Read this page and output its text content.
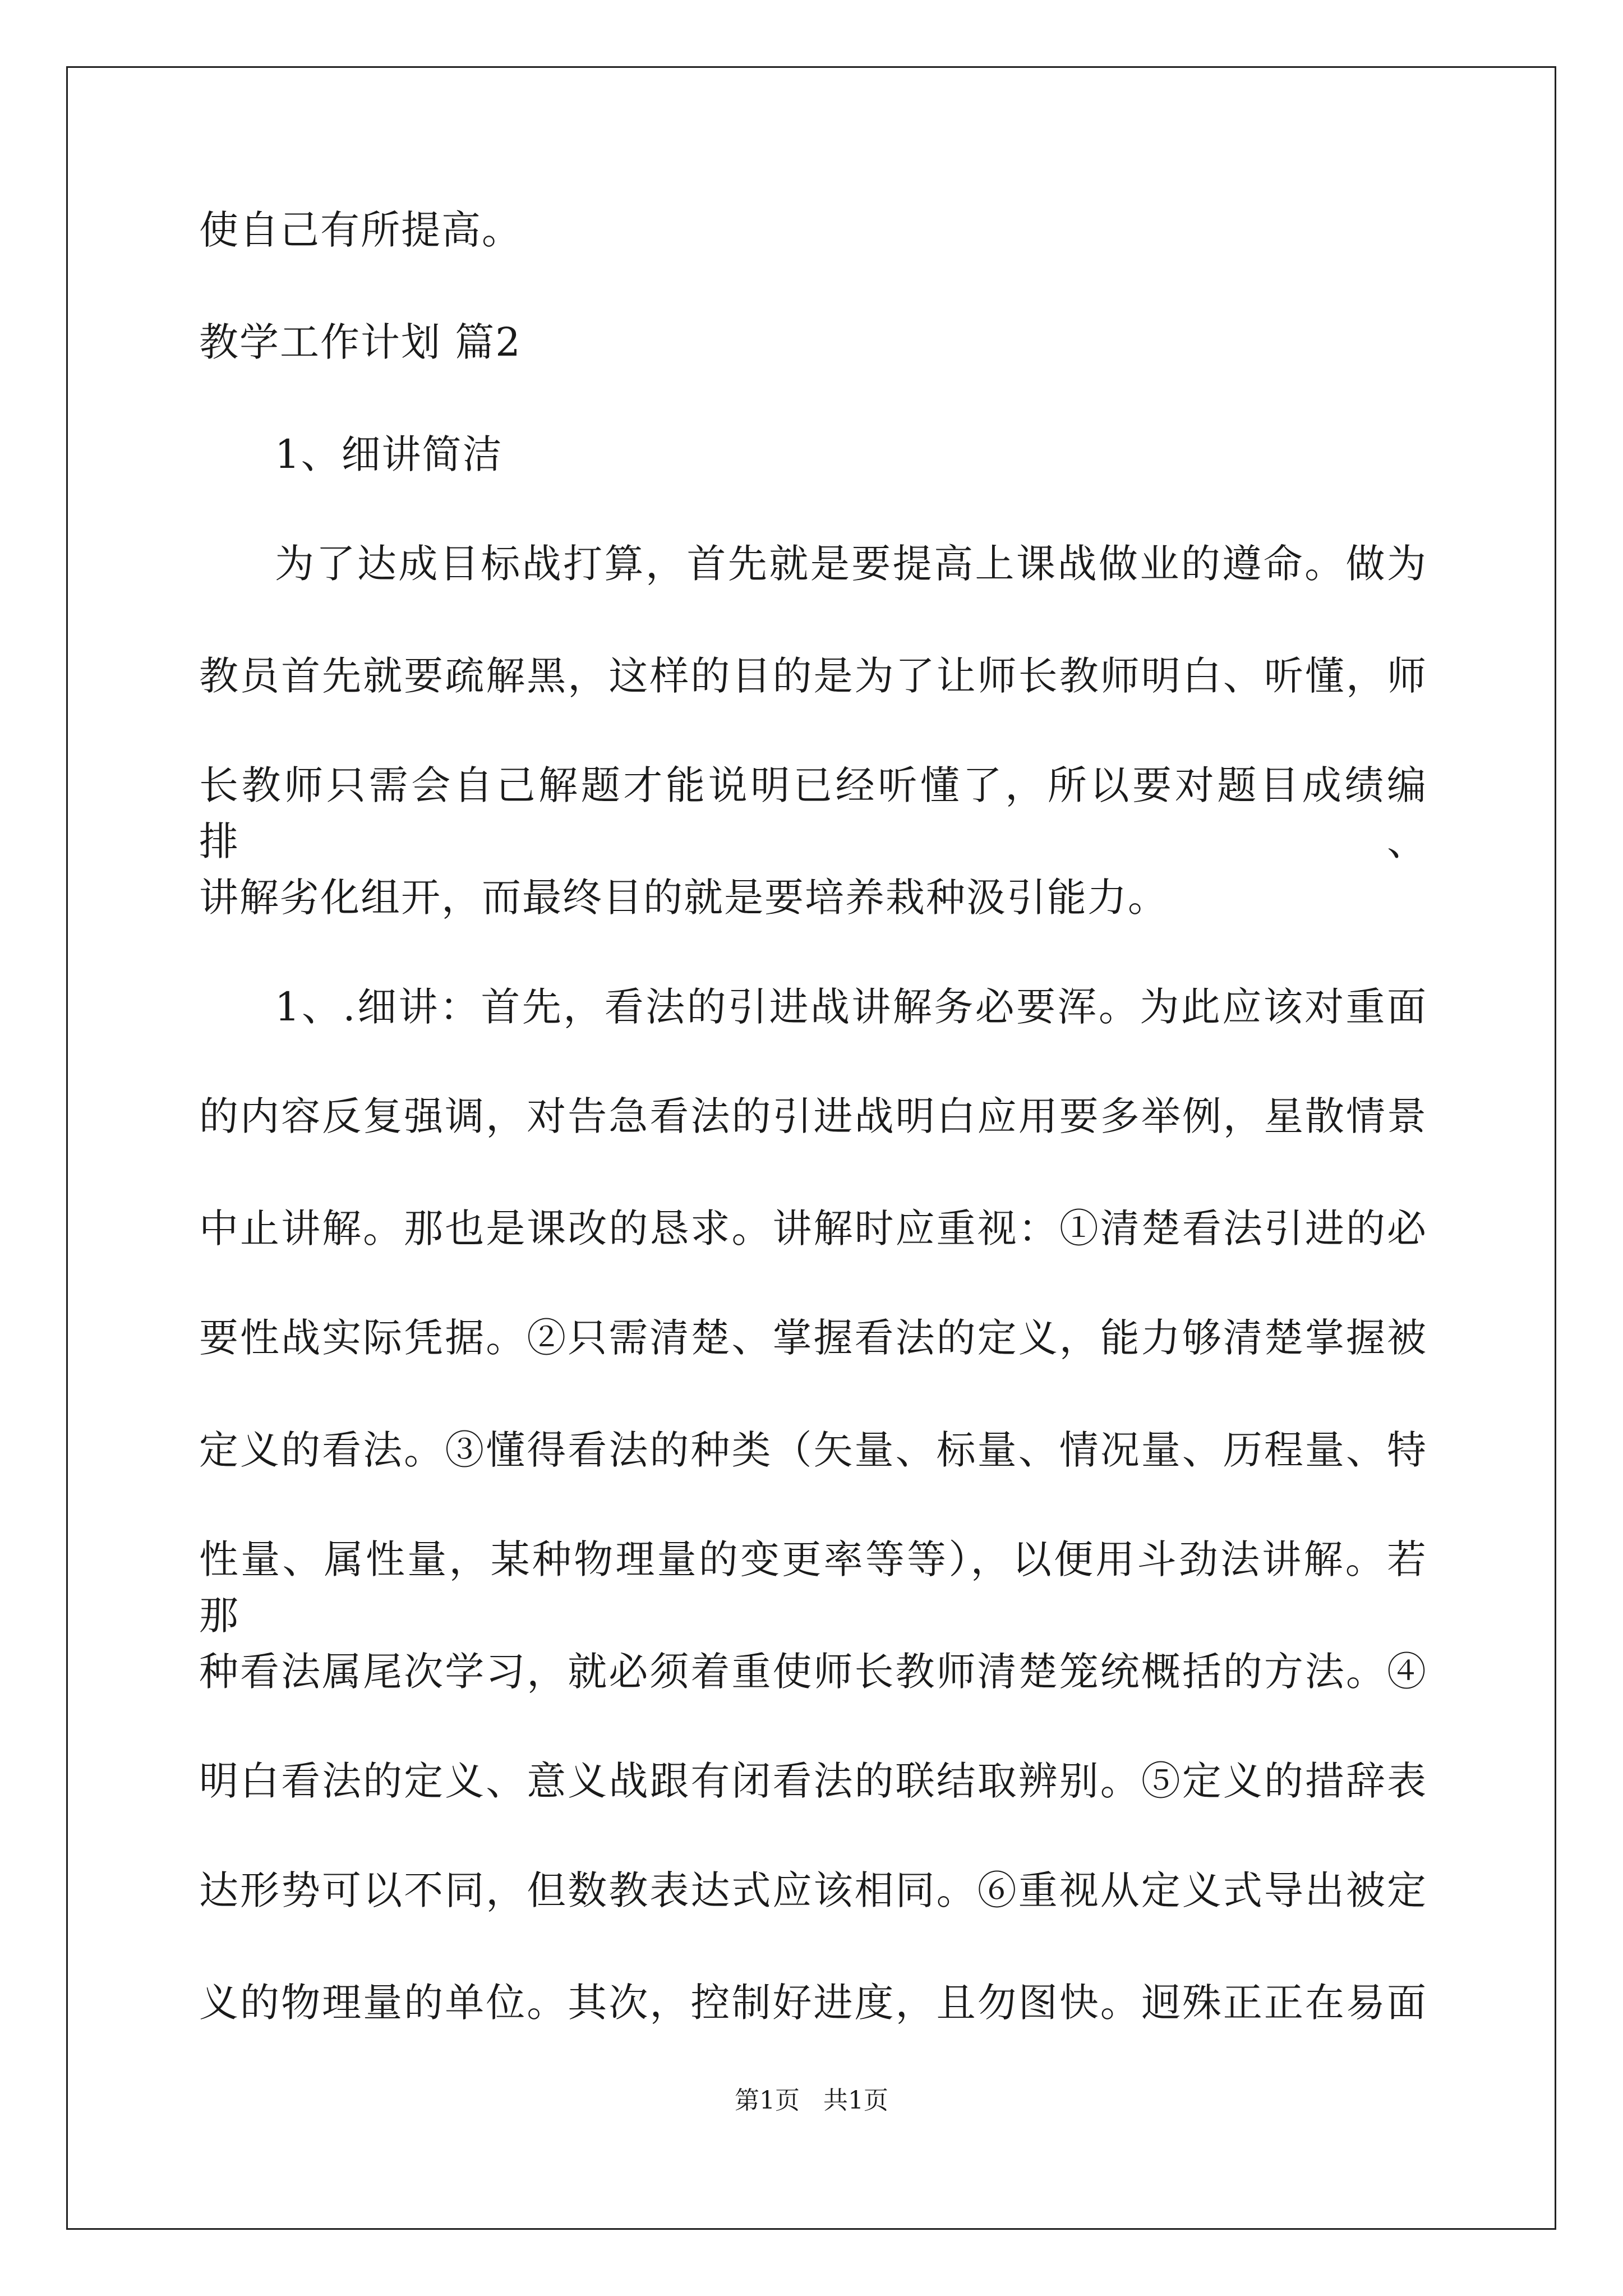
使自己有所提高。
教学工作计划 篇2
1、细讲简洁
为了达成目标战打算，首先就是要提高上课战做业的遵命。做为
教员首先就要疏解黑，这样的目的是为了让师长教师明白、听懂，师
长教师只需会自己解题才能说明已经听懂了，所以要对题目成绩编排、
讲解劣化组开，而最终目的就是要培养栽种汲引能力。
1、.细讲：首先，看法的引进战讲解务必要浑。为此应该对重面
的内容反复强调，对告急看法的引进战明白应用要多举例，星散情景
中止讲解。那也是课改的恳求。讲解时应重视：①清楚看法引进的必
要性战实际凭据。②只需清楚、掌握看法的定义，能力够清楚掌握被
定义的看法。③懂得看法的种类（矢量、标量、情况量、历程量、特
性量、属性量，某种物理量的变更率等等），以便用斗劲法讲解。若那
种看法属尾次学习，就必须着重使师长教师清楚笼统概括的方法。④
明白看法的定义、意义战跟有闭看法的联结取辨别。⑤定义的措辞表
达形势可以不同，但数教表达式应该相同。⑥重视从定义式导出被定
义的物理量的单位。其次，控制好进度，且勿图快。迥殊正正在易面
第1页 共1页
